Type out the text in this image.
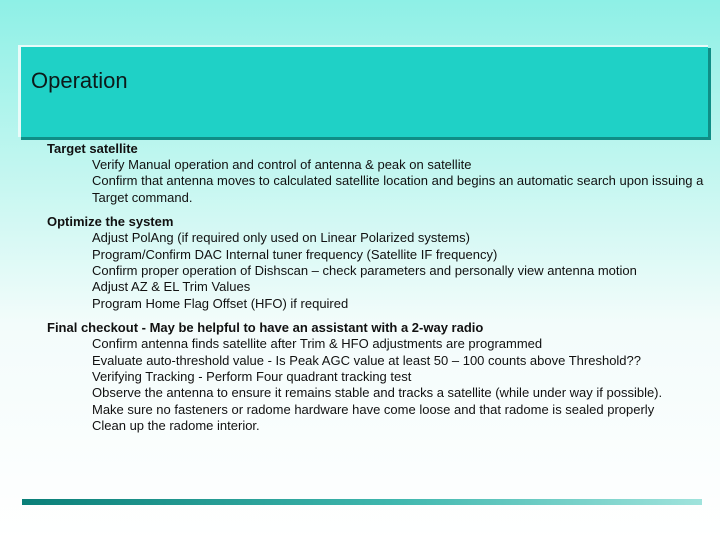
Operation
Target satellite
Verify Manual operation and control of antenna & peak on satellite
Confirm that antenna moves to calculated satellite location and begins an automatic search upon issuing a Target command.
Optimize the system
Adjust PolAng (if required only used on Linear Polarized systems)
Program/Confirm DAC Internal tuner frequency (Satellite IF frequency)
Confirm proper operation of Dishscan – check parameters and personally view antenna motion
Adjust AZ & EL Trim Values
Program Home Flag Offset (HFO) if required
Final checkout - May be helpful to have an assistant with a 2-way radio
Confirm antenna finds satellite after Trim & HFO adjustments are programmed
Evaluate auto-threshold value - Is Peak AGC value at least 50 – 100 counts above Threshold??
Verifying Tracking - Perform Four quadrant tracking test
Observe the antenna to ensure it remains stable and tracks a satellite (while under way if possible).
Make sure no fasteners or radome hardware have come loose and that radome is sealed properly
Clean up the radome interior.
